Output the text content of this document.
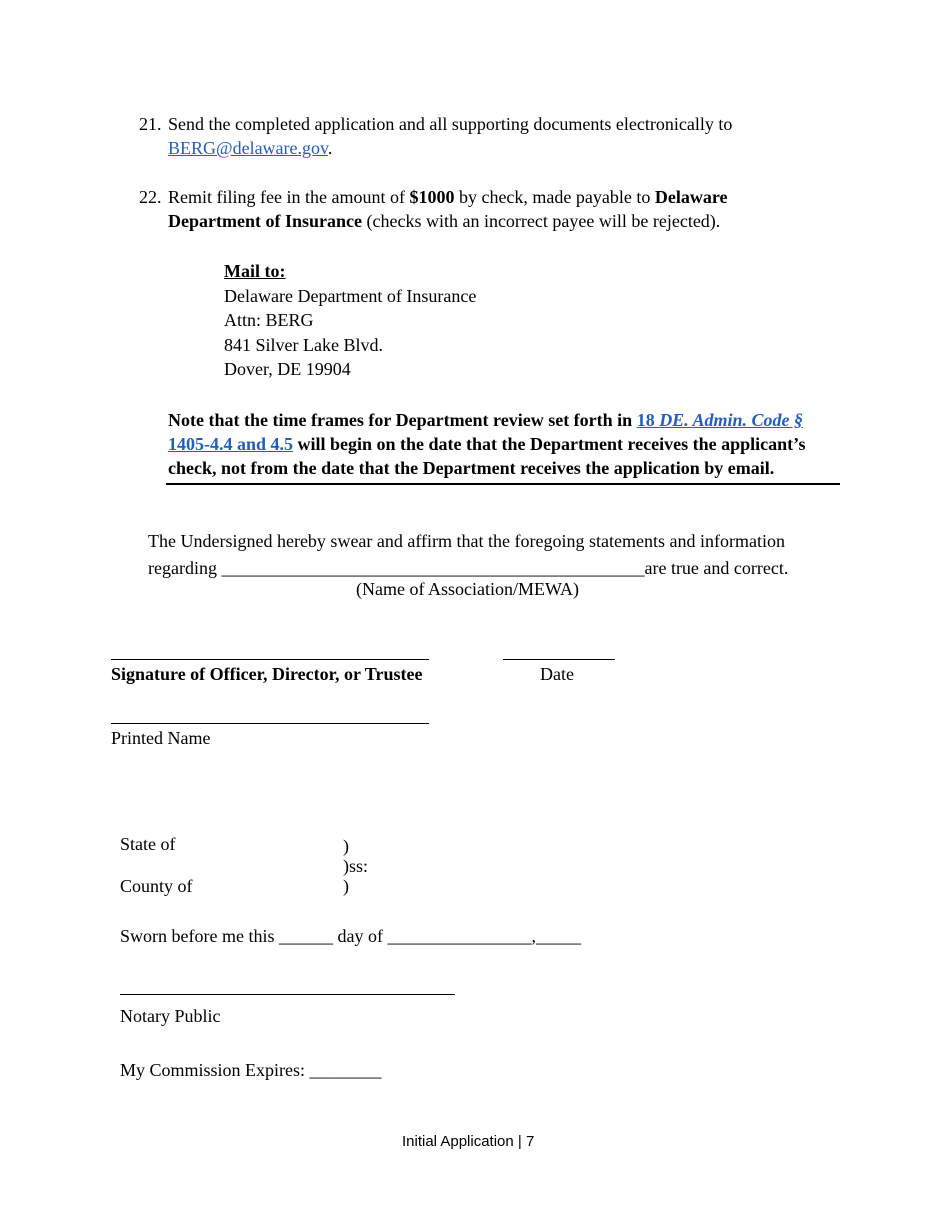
21. Send the completed application and all supporting documents electronically to
BERG@delaware.gov.
22. Remit filing fee in the amount of $1000 by check, made payable to Delaware
Department of Insurance (checks with an incorrect payee will be rejected).
Mail to:
Delaware Department of Insurance
Attn: BERG
841 Silver Lake Blvd.
Dover, DE 19904
Note that the time frames for Department review set forth in 18 DE. Admin. Code §
1405-4.4 and 4.5 will begin on the date that the Department receives the applicant’s
check, not from the date that the Department receives the application by email.
The Undersigned hereby swear and affirm that the foregoing statements and information
regarding _______________________________________________are true and correct.
(Name of Association/MEWA)
Signature of Officer, Director, or Trustee	Date
Printed Name
State of	)
)ss:
County of	)
Sworn before me this ______ day of ________________,_____
Notary Public
My Commission Expires: ________
Initial Application | 7
